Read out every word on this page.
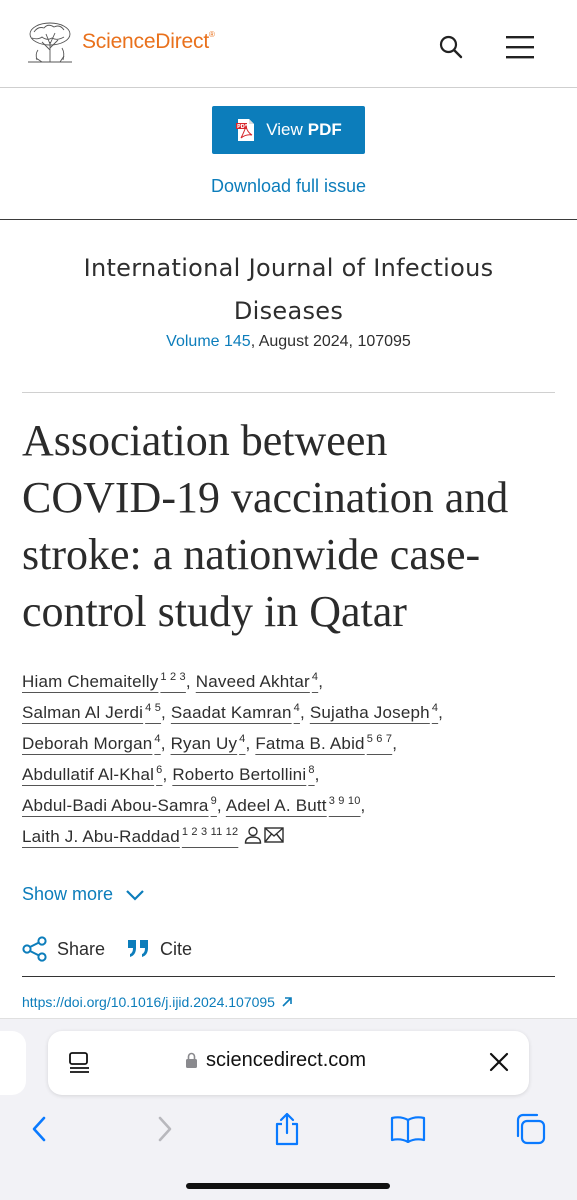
ScienceDirect®
PDF View PDF
Download full issue
International Journal of Infectious
Diseases
Volume 145, August 2024, 107095
Association between
COVID-19 vaccination and
stroke: a nationwide case-
control study in Qatar
Hiam Chemaitelly $^{1 2 3}$, Naveed Akhtar $^4$,
Salman Al Jerdi $^{4 5}$, Saadat Kamran $^4$, Sujatha Joseph $^4$,
Deborah Morgan $^4$, Ryan Uy $^4$, Fatma B. Abid $^{5 6 7}$,
Abdullatif Al-Khal $^6$, Roberto Bertollini $^8$,
Abdul-Badi Abou-Samra $^9$, Adeel A. Butt $^{3 9 10}$,
Laith J. Abu-Raddad $^{1 2 3 11 12}$
Show more
Share	Cite
https://doi.org/10.1016/j.ijid.2024.107095
sciencedirect.com
